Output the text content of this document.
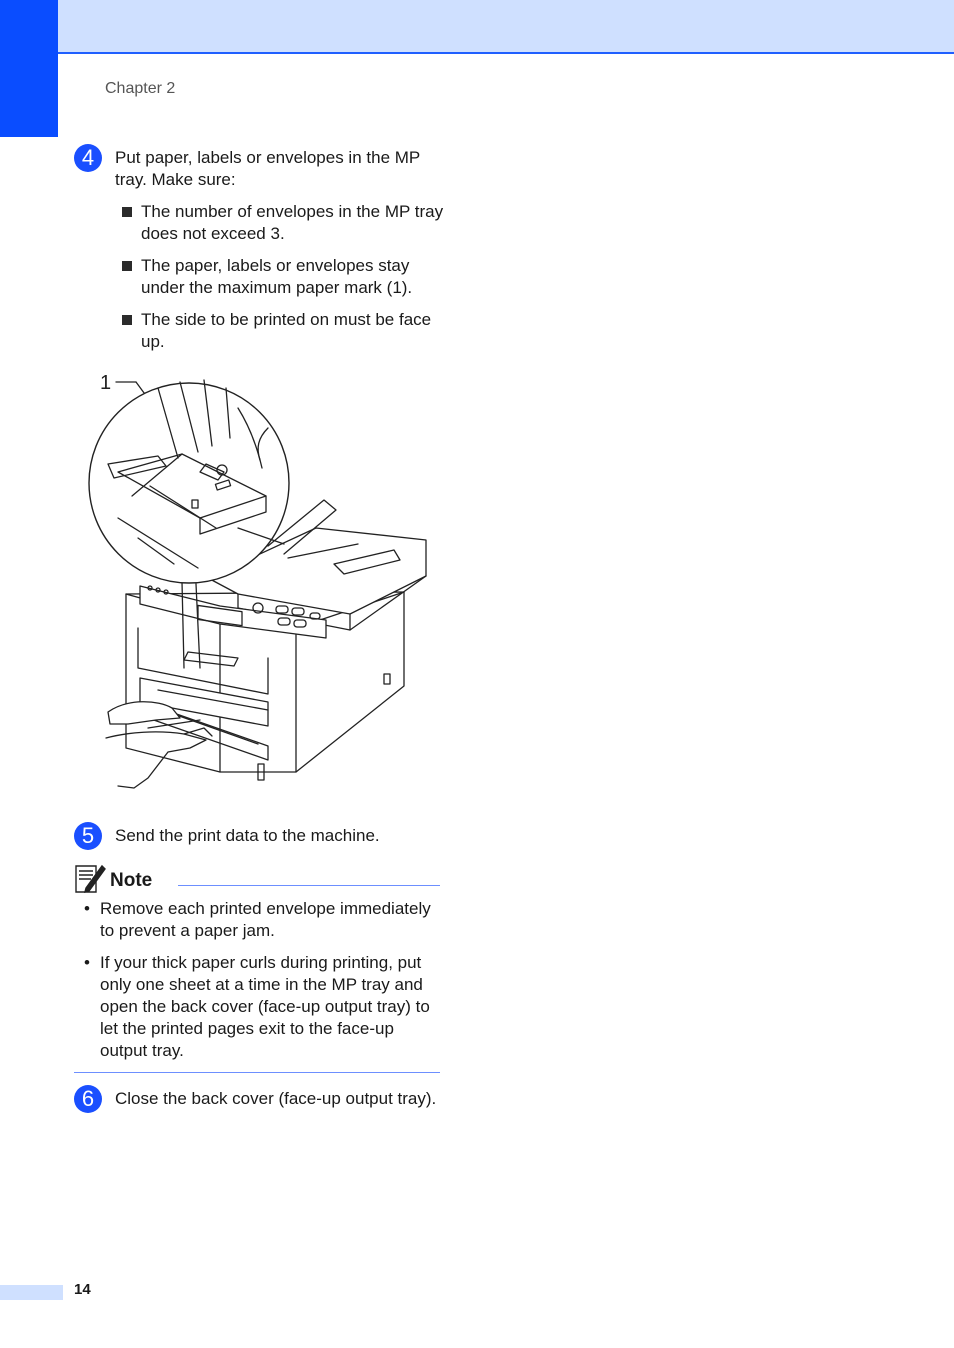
Chapter 2
4	Put paper, labels or envelopes in the MP tray. Make sure:
The number of envelopes in the MP tray does not exceed 3.
The paper, labels or envelopes stay under the maximum paper mark (1).
The side to be printed on must be face up.
1
5	Send the print data to the machine.
Note
• Remove each printed envelope immediately to prevent a paper jam.
• If your thick paper curls during printing, put only one sheet at a time in the MP tray and open the back cover (face-up output tray) to let the printed pages exit to the face-up output tray.
6	Close the back cover (face-up output tray).
14
